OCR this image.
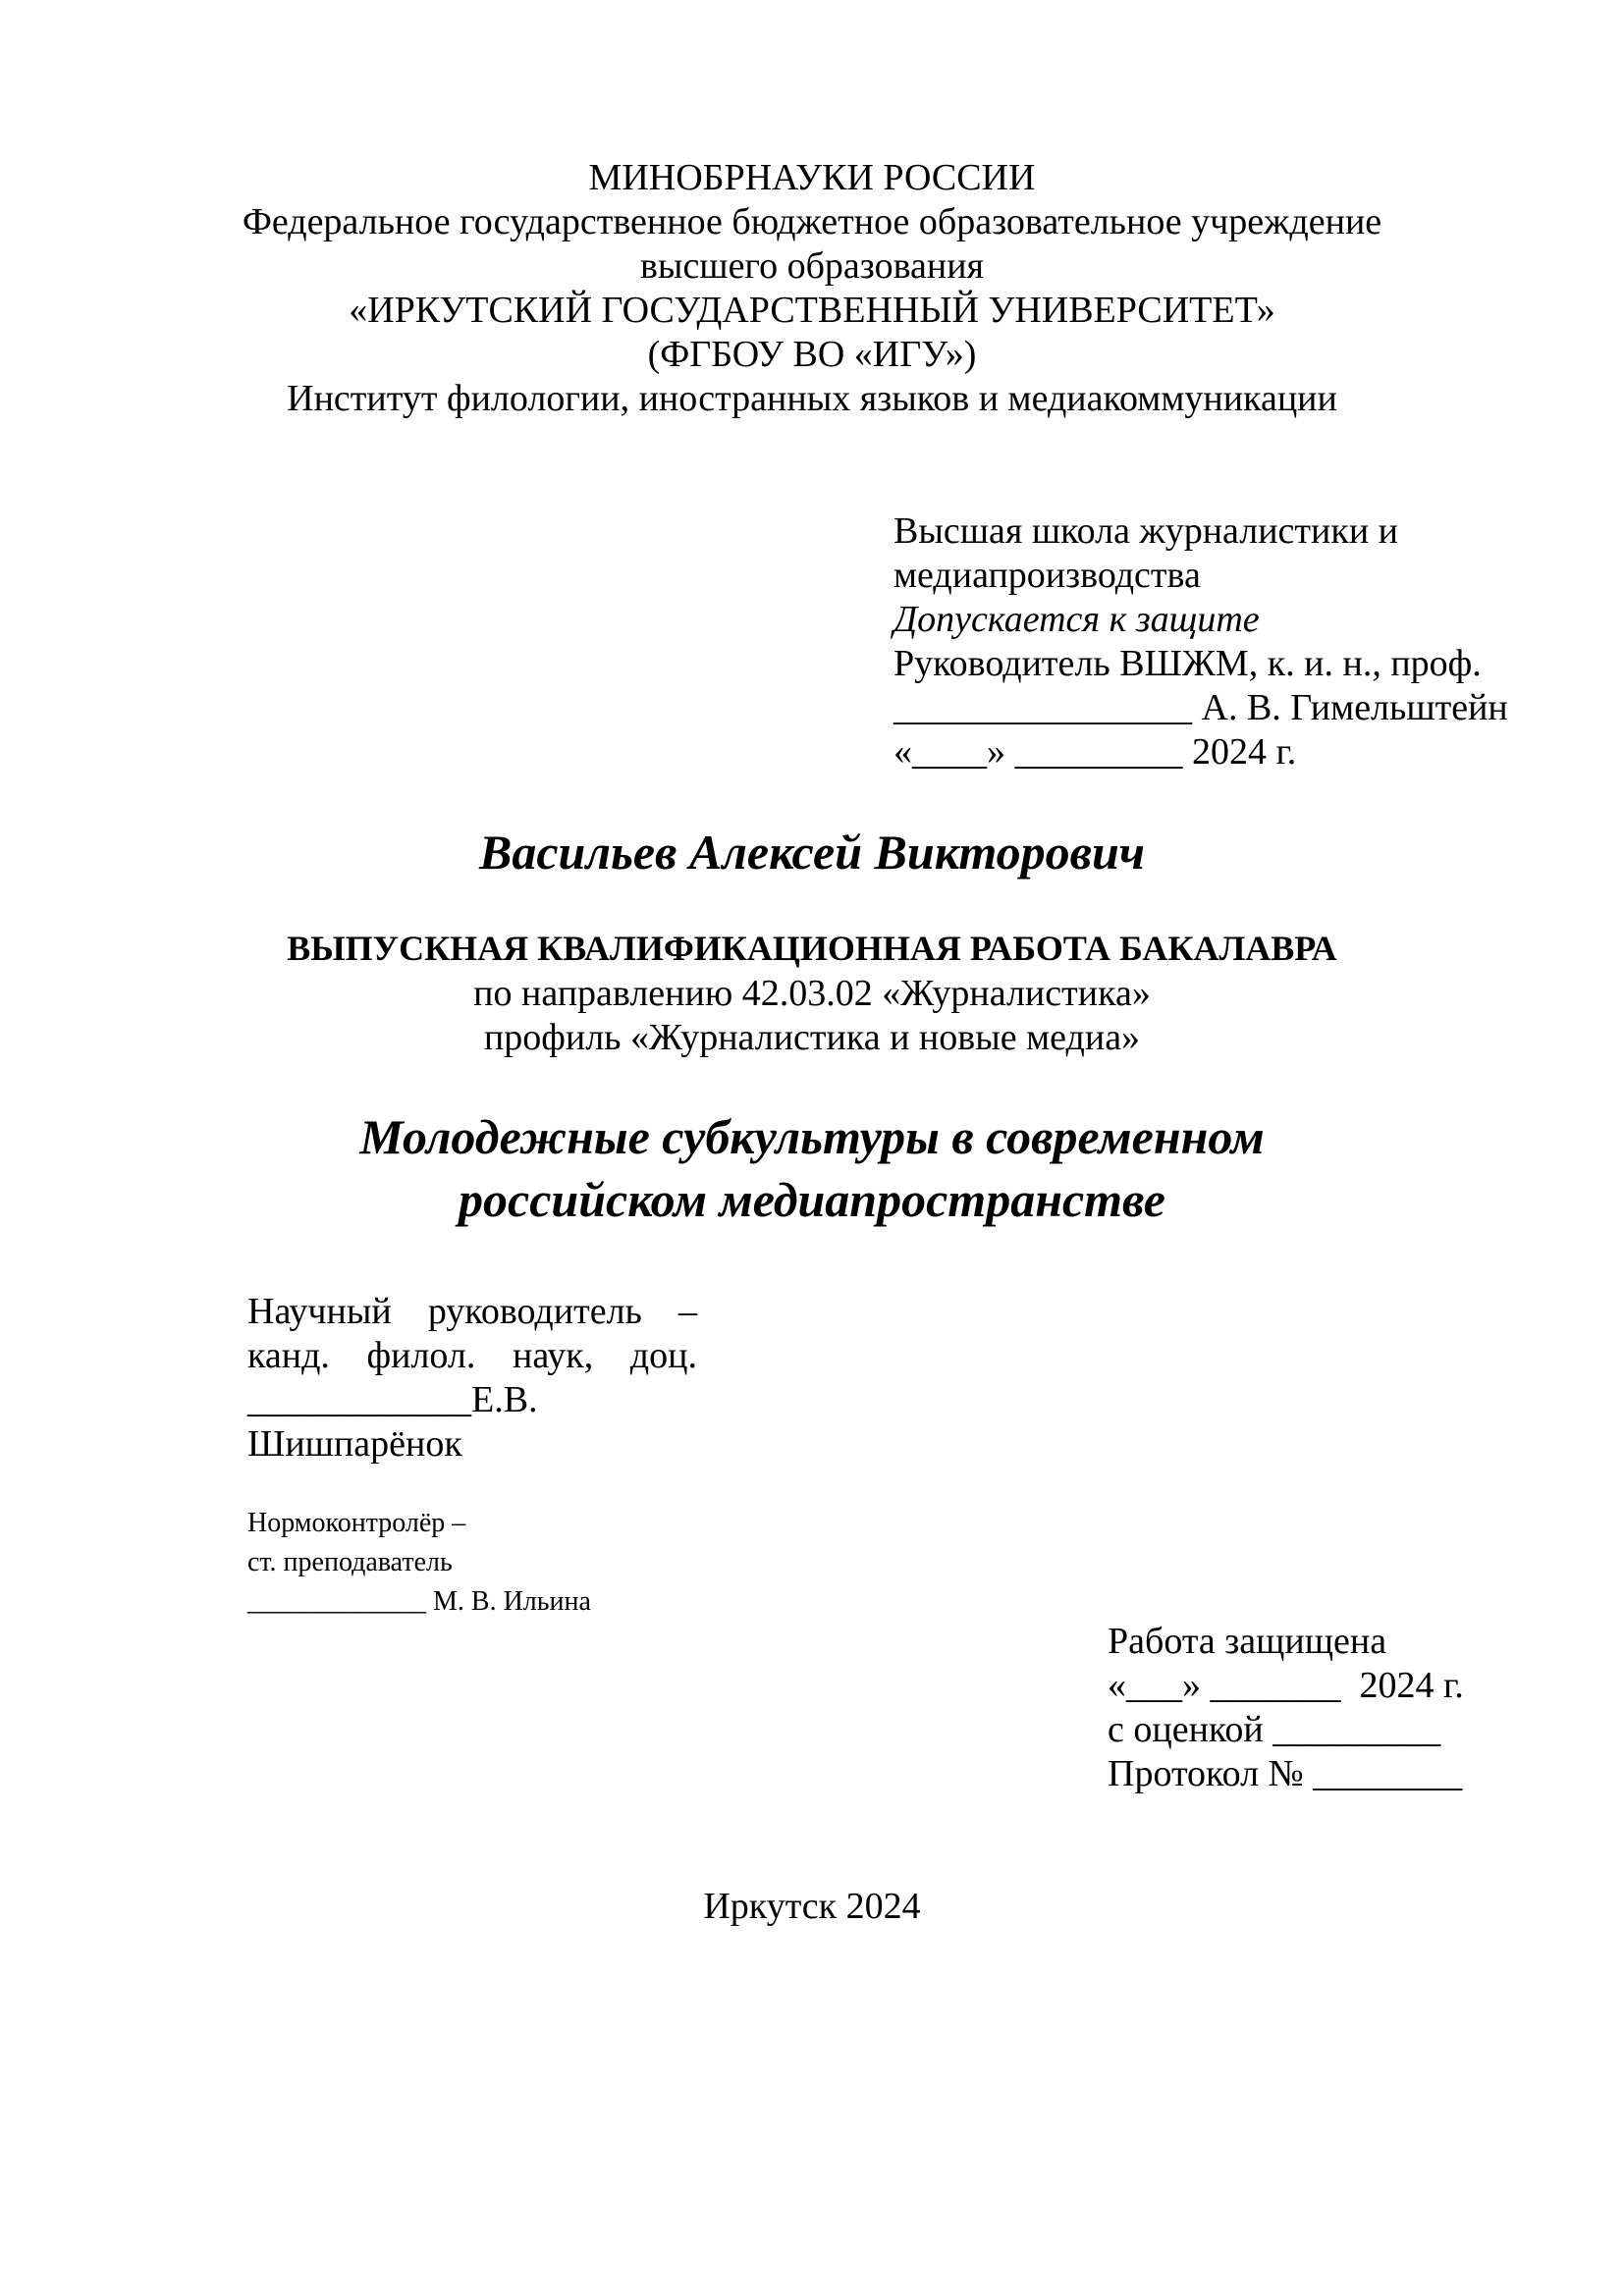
МИНОБРНАУКИ РОССИИ
Федеральное государственное бюджетное образовательное учреждение
высшего образования
«ИРКУТСКИЙ ГОСУДАРСТВЕННЫЙ УНИВЕРСИТЕТ»
(ФГБОУ ВО «ИГУ»)
Институт филологии, иностранных языков и медиакоммуникации
Высшая школа журналистики и
медиапроизводства
Допускается к защите
Руководитель ВШЖМ, к. и. н., проф.
________________ А. В. Гимельштейн
«____» _________ 2024 г.
Васильев Алексей Викторович
ВЫПУСКНАЯ КВАЛИФИКАЦИОННАЯ РАБОТА БАКАЛАВРА
по направлению 42.03.02 «Журналистика»
профиль «Журналистика и новые медиа»
Молодежные субкультуры в современном
российском медиапространстве
Научный руководитель –
канд. филол. наук, доц.
____________Е.В.
Шишпарёнок
Нормоконтролёр –
ст. преподаватель
_____________ М. В. Ильина
Работа защищена
«___» _______ 2024 г.
с оценкой _________
Протокол № ________
Иркутск 2024
